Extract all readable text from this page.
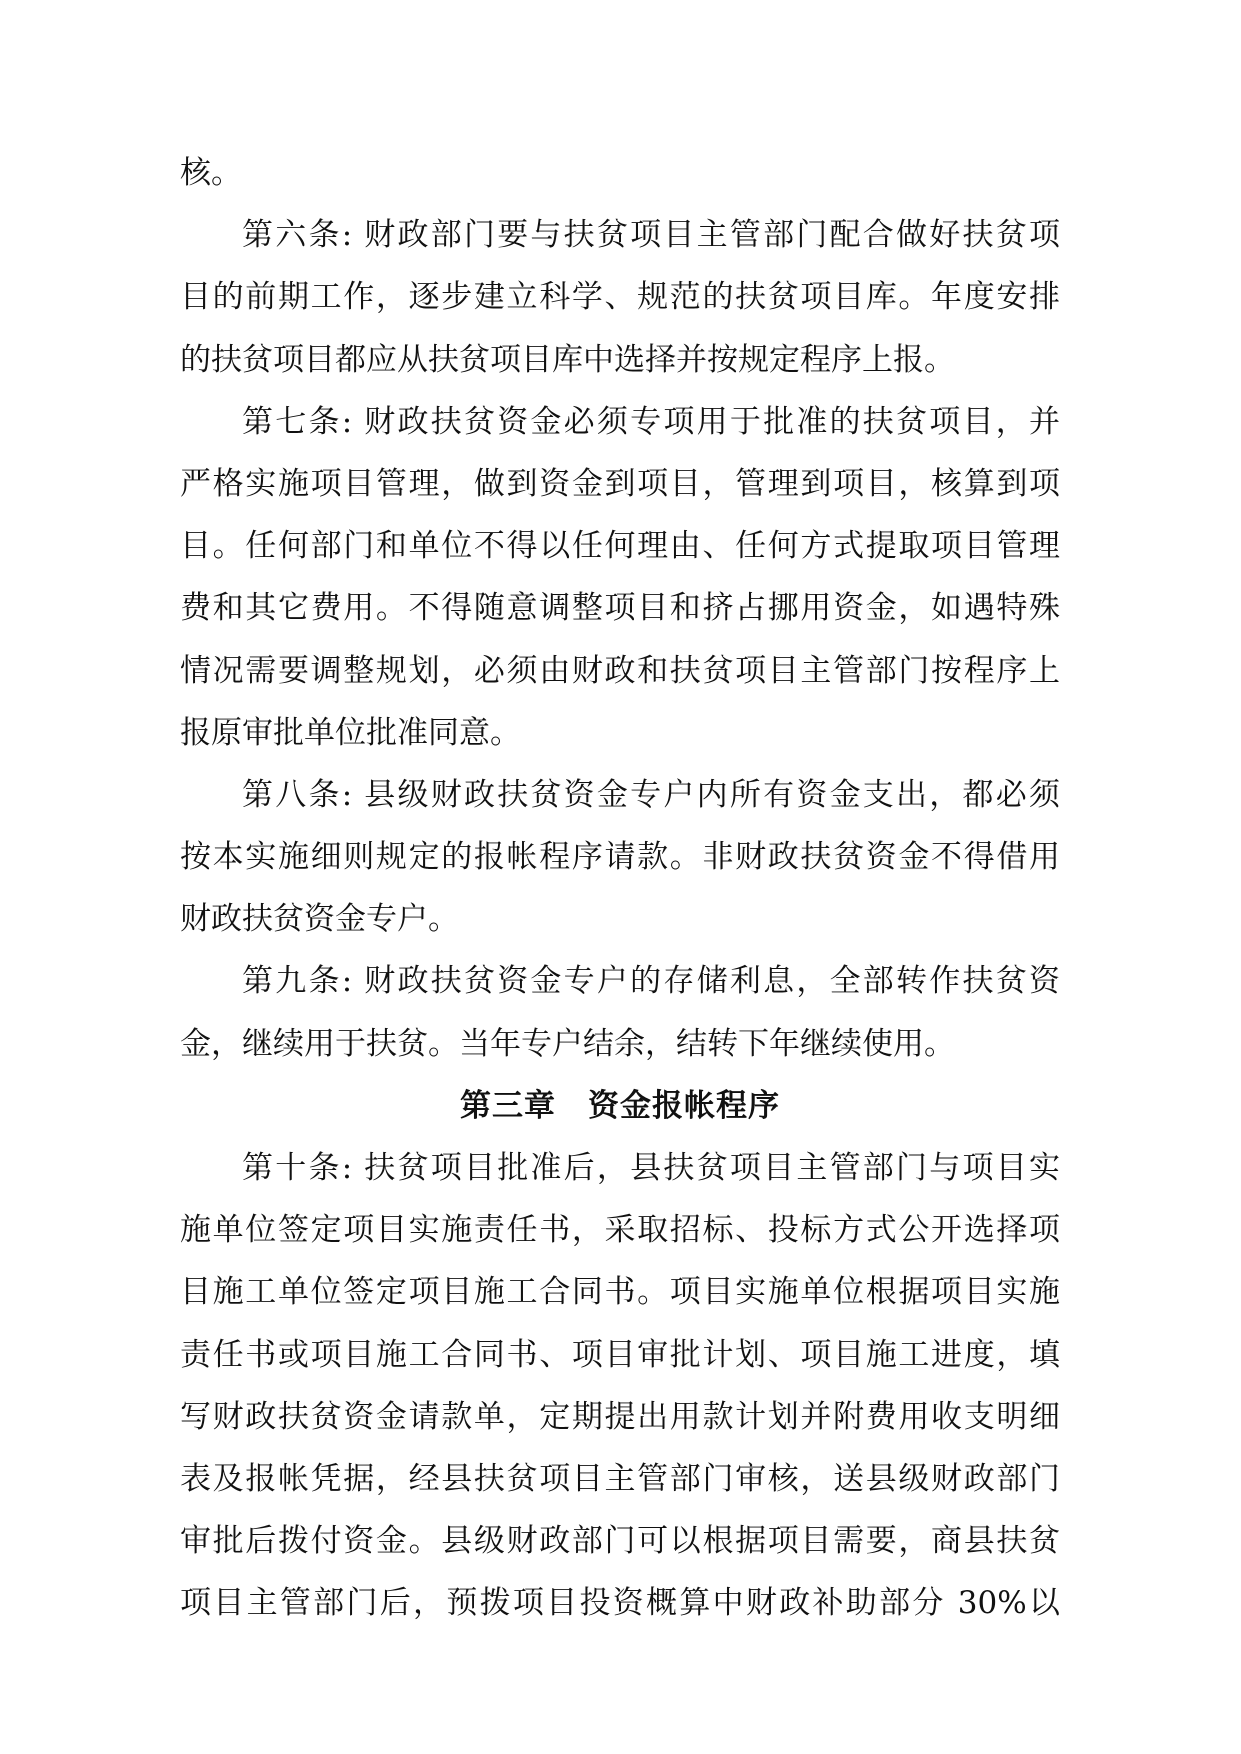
核。
第六条: 财政部门要与扶贫项目主管部门配合做好扶贫项
目的前期工作，逐步建立科学、规范的扶贫项目库。年度安排
的扶贫项目都应从扶贫项目库中选择并按规定程序上报。
第七条: 财政扶贫资金必须专项用于批准的扶贫项目，并
严格实施项目管理，做到资金到项目，管理到项目，核算到项
目。任何部门和单位不得以任何理由、任何方式提取项目管理
费和其它费用。不得随意调整项目和挤占挪用资金，如遇特殊
情况需要调整规划，必须由财政和扶贫项目主管部门按程序上
报原审批单位批准同意。
第八条: 县级财政扶贫资金专户内所有资金支出，都必须
按本实施细则规定的报帐程序请款。非财政扶贫资金不得借用
财政扶贫资金专户。
第九条: 财政扶贫资金专户的存储利息，全部转作扶贫资
金，继续用于扶贫。当年专户结余，结转下年继续使用。
第三章　资金报帐程序
第十条: 扶贫项目批准后，县扶贫项目主管部门与项目实
施单位签定项目实施责任书，采取招标、投标方式公开选择项
目施工单位签定项目施工合同书。项目实施单位根据项目实施
责任书或项目施工合同书、项目审批计划、项目施工进度，填
写财政扶贫资金请款单，定期提出用款计划并附费用收支明细
表及报帐凭据，经县扶贫项目主管部门审核，送县级财政部门
审批后拨付资金。县级财政部门可以根据项目需要，商县扶贫
项目主管部门后，预拨项目投资概算中财政补助部分 30%以
